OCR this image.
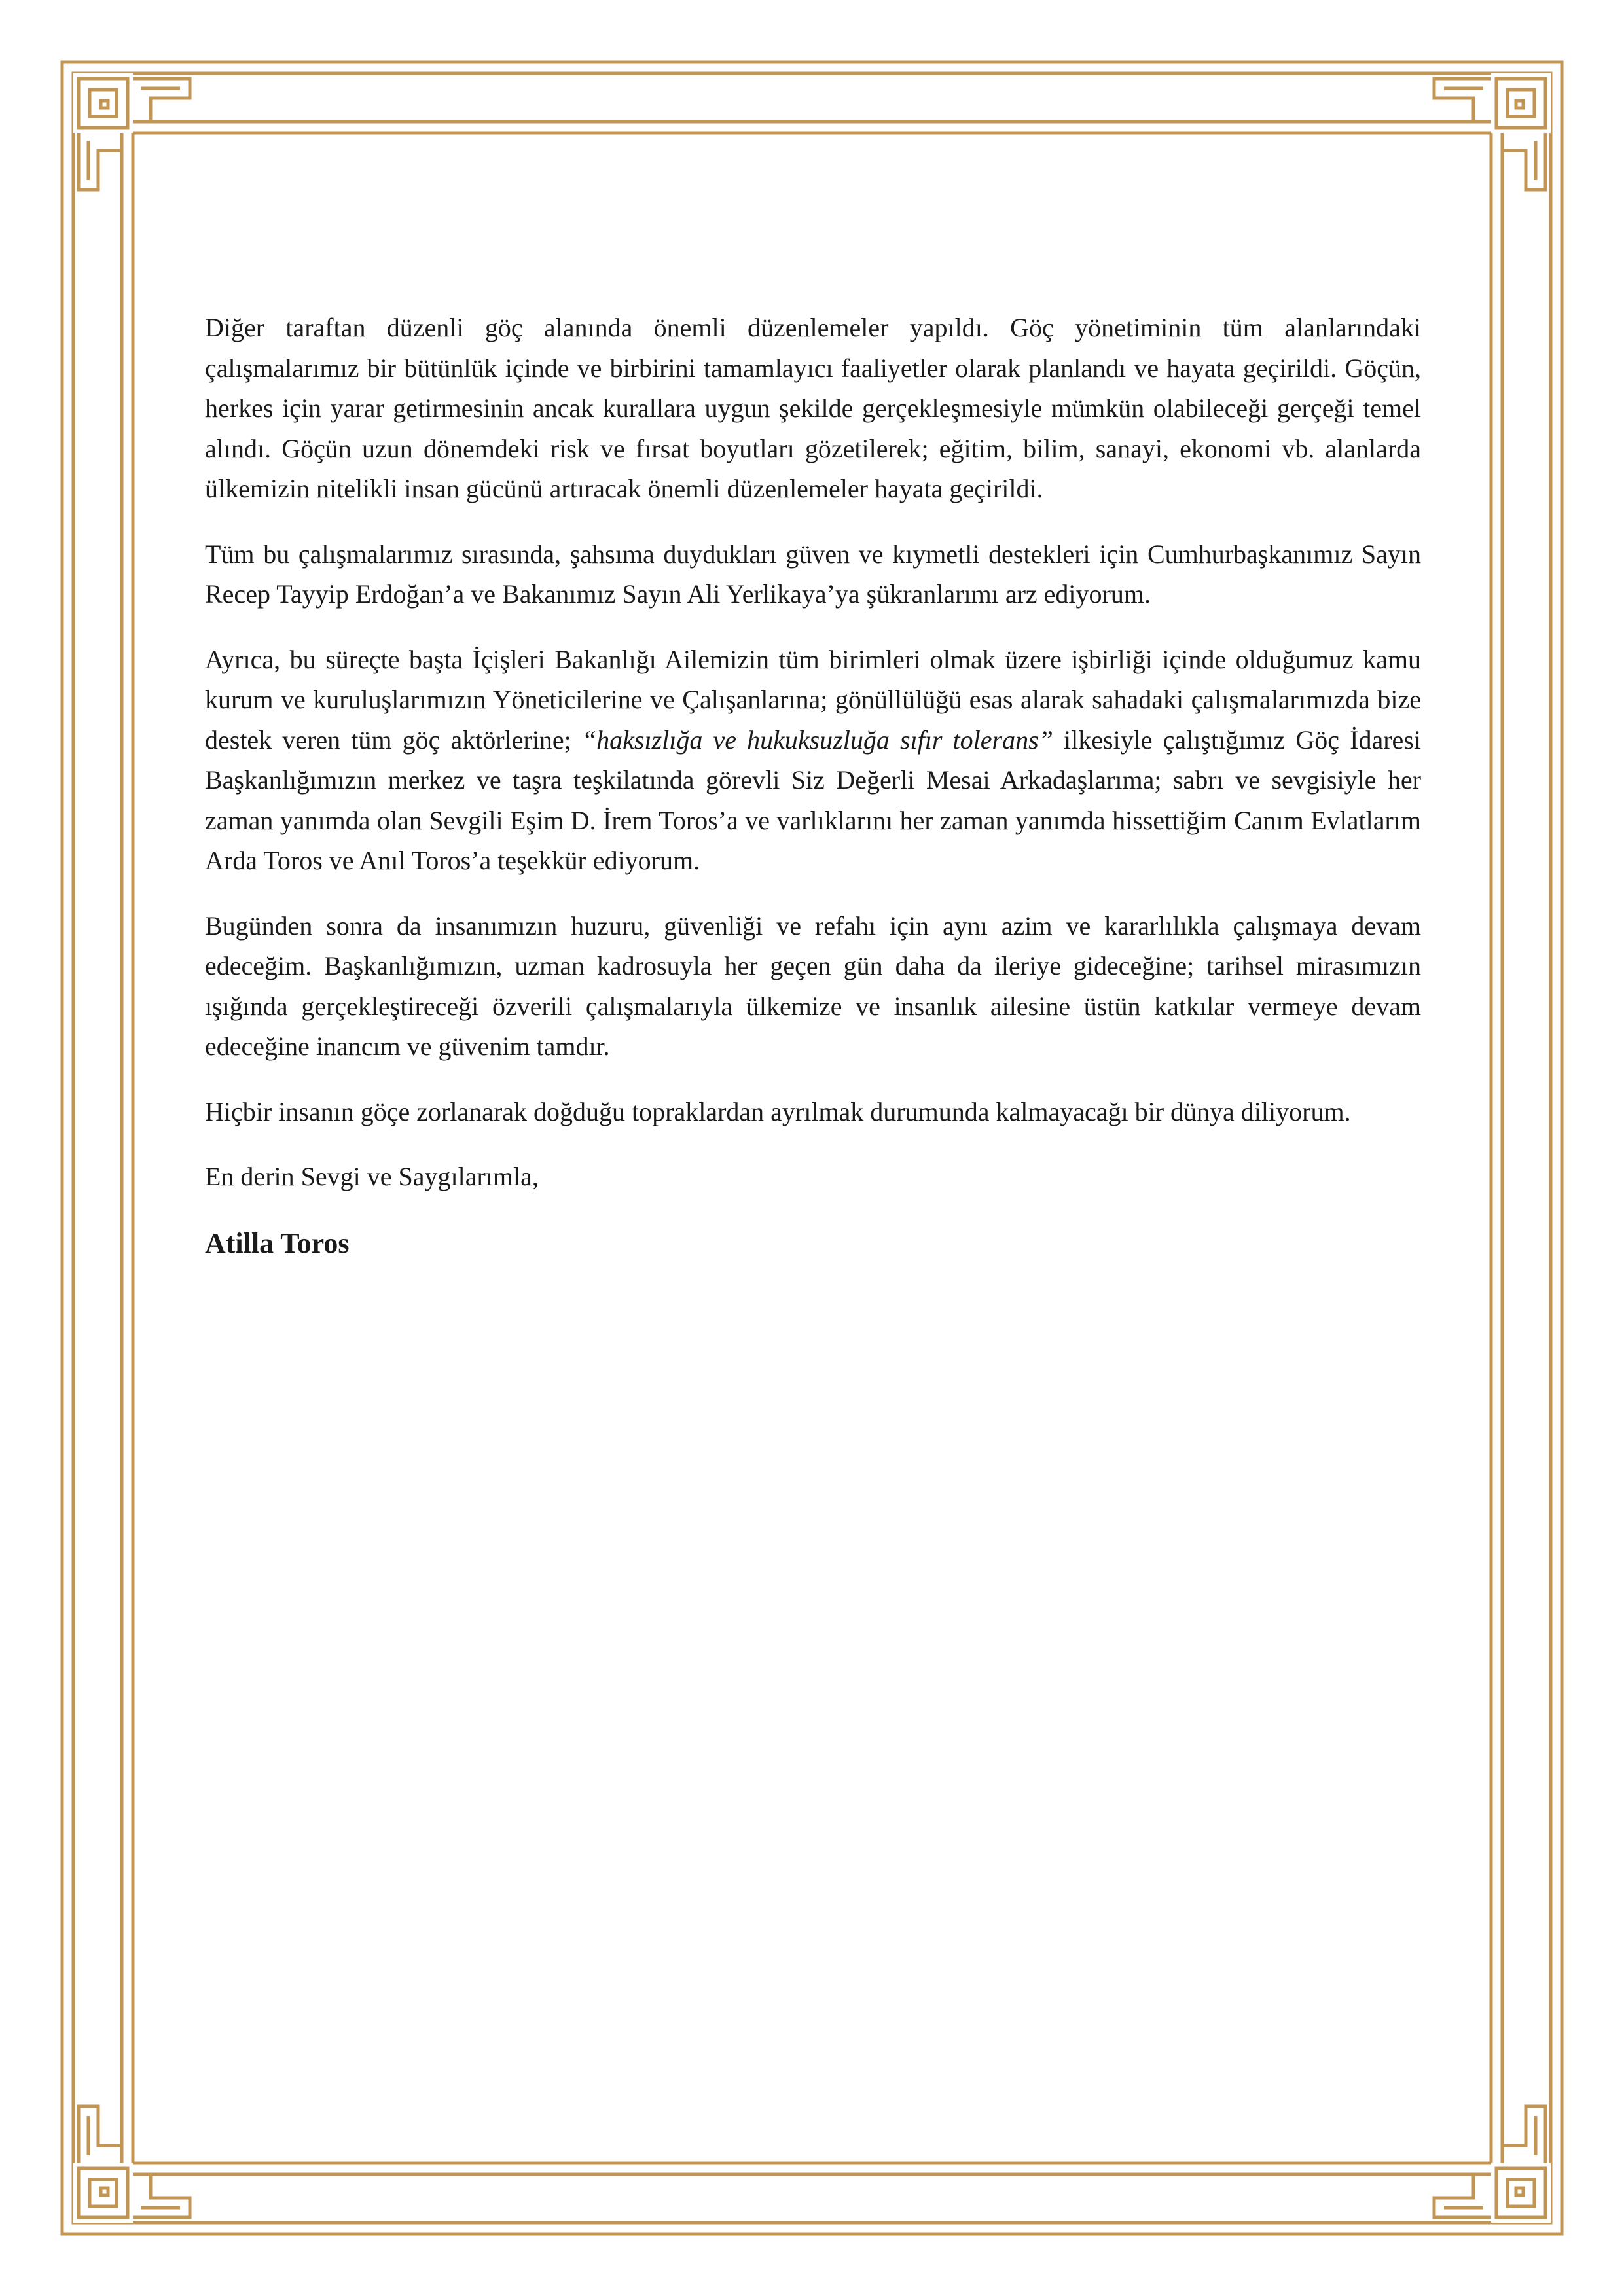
Diğer taraftan düzenli göç alanında önemli düzenlemeler yapıldı. Göç yönetiminin tüm alanlarındaki çalışmalarımız bir bütünlük içinde ve birbirini tamamlayıcı faaliyetler olarak planlandı ve hayata geçirildi. Göçün, herkes için yarar getirmesinin ancak kurallara uygun şekilde gerçekleşmesiyle mümkün olabileceği gerçeği temel alındı. Göçün uzun dönemdeki risk ve fırsat boyutları gözetilerek; eğitim, bilim, sanayi, ekonomi vb. alanlarda ülkemizin nitelikli insan gücünü artıracak önemli düzenlemeler hayata geçirildi.

Tüm bu çalışmalarımız sırasında, şahsıma duydukları güven ve kıymetli destekleri için Cumhurbaşkanımız Sayın Recep Tayyip Erdoğan’a ve Bakanımız Sayın Ali Yerlikaya’ya şükranlarımı arz ediyorum.

Ayrıca, bu süreçte başta İçişleri Bakanlığı Ailemizin tüm birimleri olmak üzere işbirliği içinde olduğumuz kamu kurum ve kuruluşlarımızın Yöneticilerine ve Çalışanlarına; gönüllülüğü esas alarak sahadaki çalışmalarımızda bize destek veren tüm göç aktörlerine; “haksızlığa ve hukuksuzluğa sıfır tolerans” ilkesiyle çalıştığımız Göç İdaresi Başkanlığımızın merkez ve taşra teşkilatında görevli Siz Değerli Mesai Arkadaşlarıma; sabrı ve sevgisiyle her zaman yanımda olan Sevgili Eşim D. İrem Toros’a ve varlıklarını her zaman yanımda hissettiğim Canım Evlatlarım Arda Toros ve Anıl Toros’a teşekkür ediyorum.

Bugünden sonra da insanımızın huzuru, güvenliği ve refahı için aynı azim ve kararlılıkla çalışmaya devam edeceğim. Başkanlığımızın, uzman kadrosuyla her geçen gün daha da ileriye gideceğine; tarihsel mirasımızın ışığında gerçekleştireceği özverili çalışmalarıyla ülkemize ve insanlık ailesine üstün katkılar vermeye devam edeceğine inancım ve güvenim tamdır.

Hiçbir insanın göçe zorlanarak doğduğu topraklardan ayrılmak durumunda kalmayacağı bir dünya diliyorum.

En derin Sevgi ve Saygılarımla,

Atilla Toros
